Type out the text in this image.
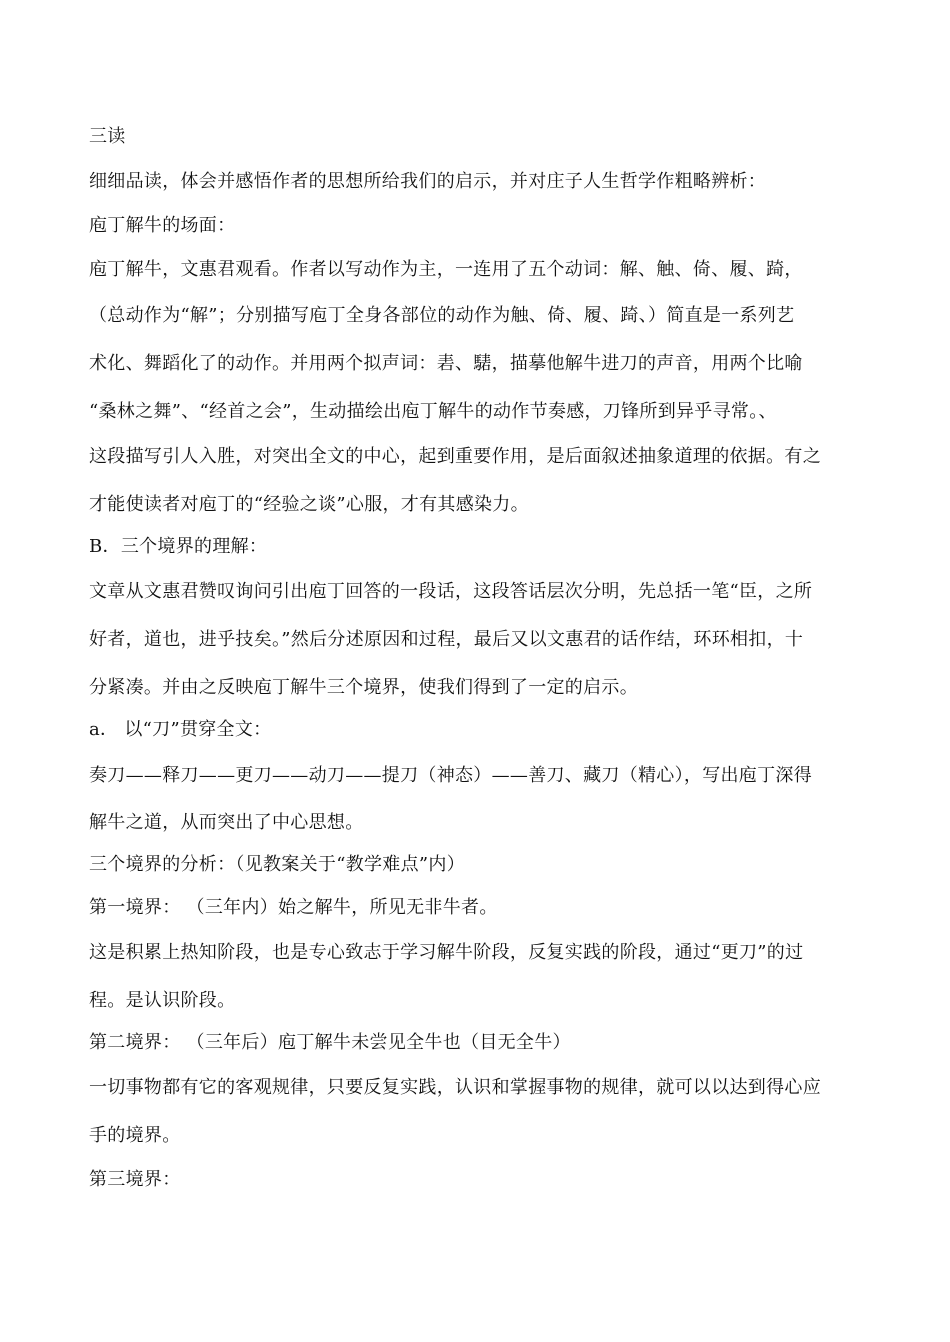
三读
细细品读，体会并感悟作者的思想所给我们的启示，并对庄子人生哲学作粗略辨析：
庖丁解牛的场面：
庖丁解牛，文惠君观看。作者以写动作为主，一连用了五个动词：解、触、倚、履、踦，
（总动作为“解”；分别描写庖丁全身各部位的动作为触、倚、履、踦、）简直是一系列艺
术化、舞蹈化了的动作。并用两个拟声词：砉、騞，描摹他解牛进刀的声音，用两个比喻
“桑林之舞”、“经首之会”，生动描绘出庖丁解牛的动作节奏感，刀锋所到异乎寻常。、
这段描写引人入胜，对突出全文的中心，起到重要作用，是后面叙述抽象道理的依据。有之
才能使读者对庖丁的“经验之谈”心服，才有其感染力。
B．三个境界的理解：
文章从文惠君赞叹询问引出庖丁回答的一段话，这段答话层次分明，先总括一笔“臣，之所
好者，道也，进乎技矣。”然后分述原因和过程，最后又以文惠君的话作结，环环相扣，十
分紧凑。并由之反映庖丁解牛三个境界，使我们得到了一定的启示。
a． 以“刀”贯穿全文：
奏刀——释刀——更刀——动刀——提刀（神态）——善刀、藏刀（精心），写出庖丁深得
解牛之道，从而突出了中心思想。
三个境界的分析：（见教案关于“教学难点”内）
第一境界： （三年内）始之解牛，所见无非牛者。
这是积累上热知阶段，也是专心致志于学习解牛阶段，反复实践的阶段，通过“更刀”的过
程。是认识阶段。
第二境界： （三年后）庖丁解牛未尝见全牛也（目无全牛）
一切事物都有它的客观规律，只要反复实践，认识和掌握事物的规律，就可以以达到得心应
手的境界。
第三境界：
